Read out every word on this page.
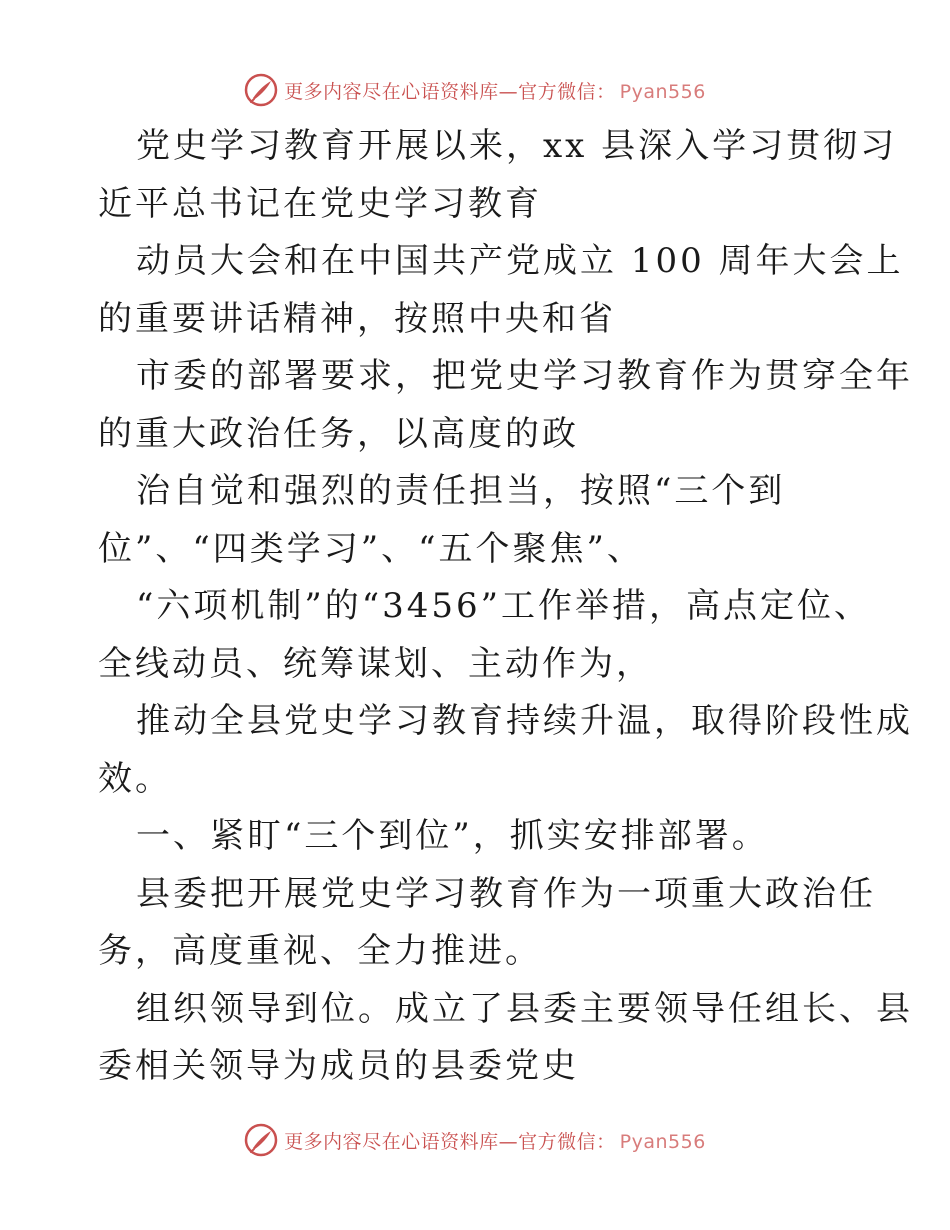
更多内容尽在心语资料库—官方微信： Pyan556
党史学习教育开展以来，xx 县深入学习贯彻习
近平总书记在党史学习教育
动员大会和在中国共产党成立 100 周年大会上
的重要讲话精神，按照中央和省
市委的部署要求，把党史学习教育作为贯穿全年
的重大政治任务，以高度的政
治自觉和强烈的责任担当，按照“三个到
位”、“四类学习”、“五个聚焦”、
“六项机制”的“3456”工作举措，高点定位、
全线动员、统筹谋划、主动作为，
推动全县党史学习教育持续升温，取得阶段性成
效。
一、紧盯“三个到位”，抓实安排部署。
县委把开展党史学习教育作为一项重大政治任
务，高度重视、全力推进。
组织领导到位。成立了县委主要领导任组长、县
委相关领导为成员的县委党史
更多内容尽在心语资料库—官方微信： Pyan556
